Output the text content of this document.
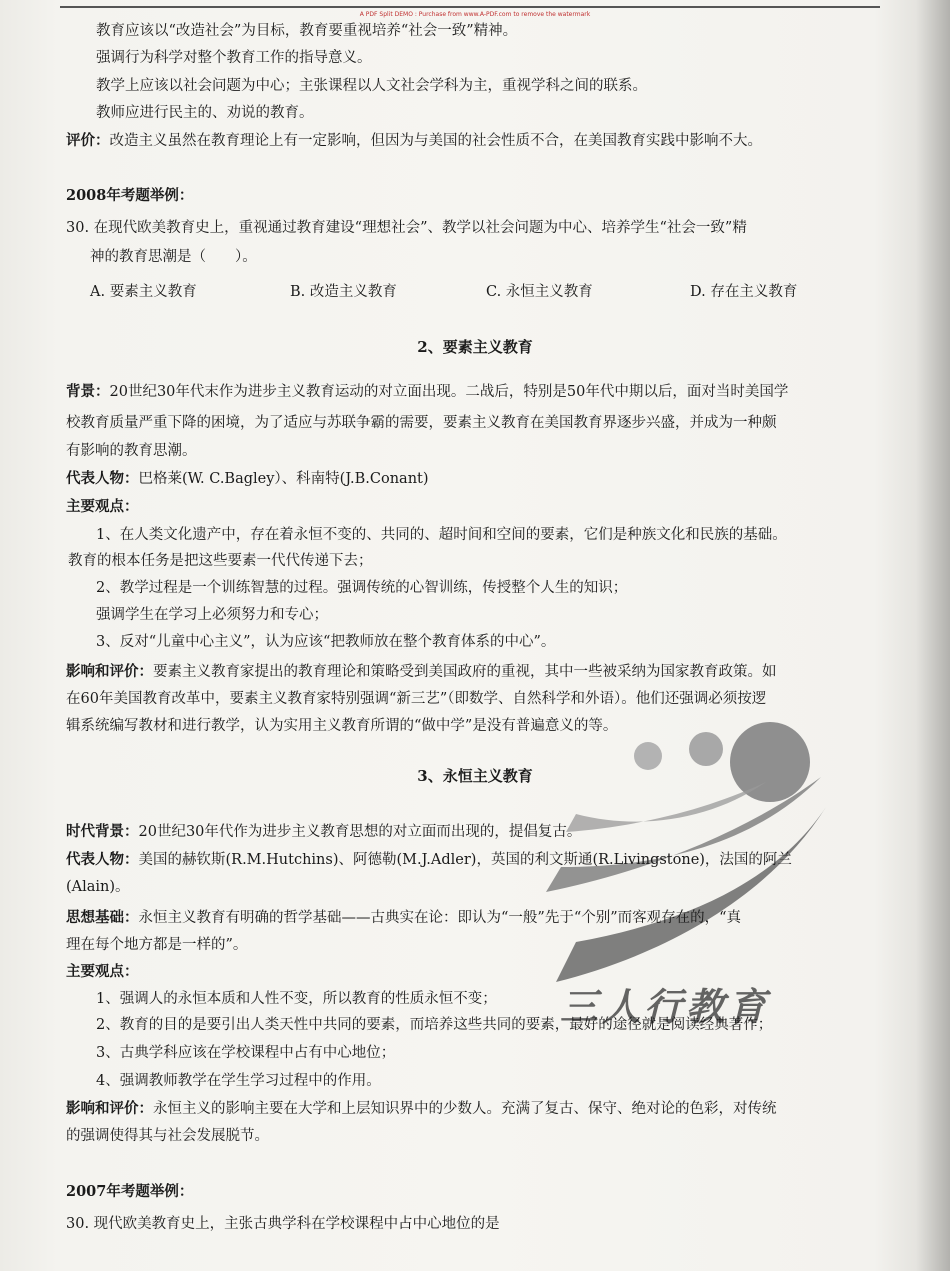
A PDF Split DEMO : Purchase from www.A-PDF.com to remove the watermark
教育应该以“改造社会”为目标，教育要重视培养“社会一致”精神。
强调行为科学对整个教育工作的指导意义。
教学上应该以社会问题为中心；主张课程以人文社会学科为主，重视学科之间的联系。
教师应进行民主的、劝说的教育。
评价：改造主义虽然在教育理论上有一定影响，但因为与美国的社会性质不合，在美国教育实践中影响不大。
2008年考题举例：
30. 在现代欧美教育史上，重视通过教育建设“理想社会”、教学以社会问题为中心、培养学生“社会一致”精
神的教育思潮是（　　）。
A. 要素主义教育	B. 改造主义教育	C. 永恒主义教育	D. 存在主义教育
2、要素主义教育
背景：20世纪30年代末作为进步主义教育运动的对立面出现。二战后，特别是50年代中期以后，面对当时美国学
校教育质量严重下降的困境，为了适应与苏联争霸的需要，要素主义教育在美国教育界逐步兴盛，并成为一种颇
有影响的教育思潮。
代表人物：巴格莱(W. C.Bagley）、科南特(J.B.Conant)
主要观点：
1、在人类文化遗产中，存在着永恒不变的、共同的、超时间和空间的要素，它们是种族文化和民族的基础。
教育的根本任务是把这些要素一代代传递下去；
2、教学过程是一个训练智慧的过程。强调传统的心智训练，传授整个人生的知识；
强调学生在学习上必须努力和专心；
3、反对“儿童中心主义”，认为应该“把教师放在整个教育体系的中心”。
影响和评价：要素主义教育家提出的教育理论和策略受到美国政府的重视，其中一些被采纳为国家教育政策。如
在60年美国教育改革中，要素主义教育家特别强调“新三艺”（即数学、自然科学和外语）。他们还强调必须按逻
辑系统编写教材和进行教学，认为实用主义教育所谓的“做中学”是没有普遍意义的等。
三人行教育
3、永恒主义教育
时代背景：20世纪30年代作为进步主义教育思想的对立面而出现的，提倡复古。
代表人物：美国的赫钦斯(R.M.Hutchins)、阿德勒(M.J.Adler)，英国的利文斯通(R.Livingstone)，法国的阿兰
(Alain)。
思想基础：永恒主义教育有明确的哲学基础——古典实在论：即认为“一般”先于“个别”而客观存在的，“真
理在每个地方都是一样的”。
主要观点：
1、强调人的永恒本质和人性不变，所以教育的性质永恒不变；
2、教育的目的是要引出人类天性中共同的要素，而培养这些共同的要素，最好的途径就是阅读经典著作；
3、古典学科应该在学校课程中占有中心地位；
4、强调教师教学在学生学习过程中的作用。
影响和评价：永恒主义的影响主要在大学和上层知识界中的少数人。充满了复古、保守、绝对论的色彩，对传统
的强调使得其与社会发展脱节。
2007年考题举例：
30. 现代欧美教育史上，主张古典学科在学校课程中占中心地位的是
